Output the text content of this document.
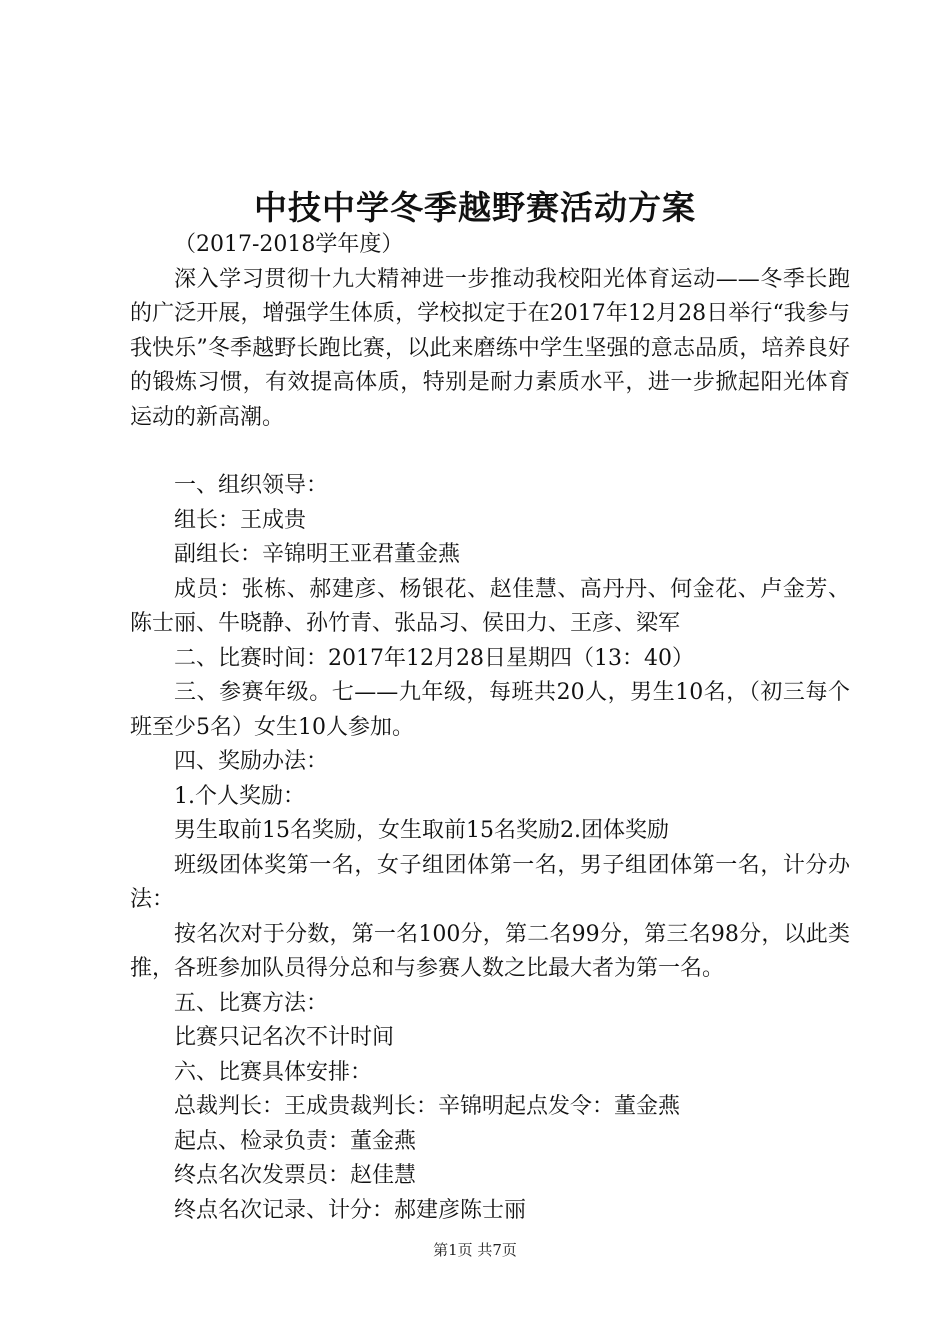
中技中学冬季越野赛活动方案

（2017-2018学年度）

深入学习贯彻十九大精神进一步推动我校阳光体育运动——冬季长跑的广泛开展，增强学生体质，学校拟定于在2017年12月28日举行“我参与我快乐”冬季越野长跑比赛，以此来磨练中学生坚强的意志品质，培养良好的锻炼习惯，有效提高体质，特别是耐力素质水平，进一步掀起阳光体育运动的新高潮。

一、组织领导：

组长：王成贵

副组长：辛锦明王亚君董金燕

成员：张栋、郝建彦、杨银花、赵佳慧、高丹丹、何金花、卢金芳、陈士丽、牛晓静、孙竹青、张品习、侯田力、王彦、梁军

二、比赛时间：2017年12月28日星期四（13：40）

三、参赛年级。七——九年级，每班共20人，男生10名，（初三每个班至少5名）女生10人参加。

四、奖励办法：

1.个人奖励：

男生取前15名奖励，女生取前15名奖励2.团体奖励

班级团体奖第一名，女子组团体第一名，男子组团体第一名，计分办法：

按名次对于分数，第一名100分，第二名99分，第三名98分，以此类推，各班参加队员得分总和与参赛人数之比最大者为第一名。

五、比赛方法：

比赛只记名次不计时间

六、比赛具体安排：

总裁判长：王成贵裁判长：辛锦明起点发令：董金燕

起点、检录负责：董金燕

终点名次发票员：赵佳慧

终点名次记录、计分：郝建彦陈士丽

第1页 共7页
